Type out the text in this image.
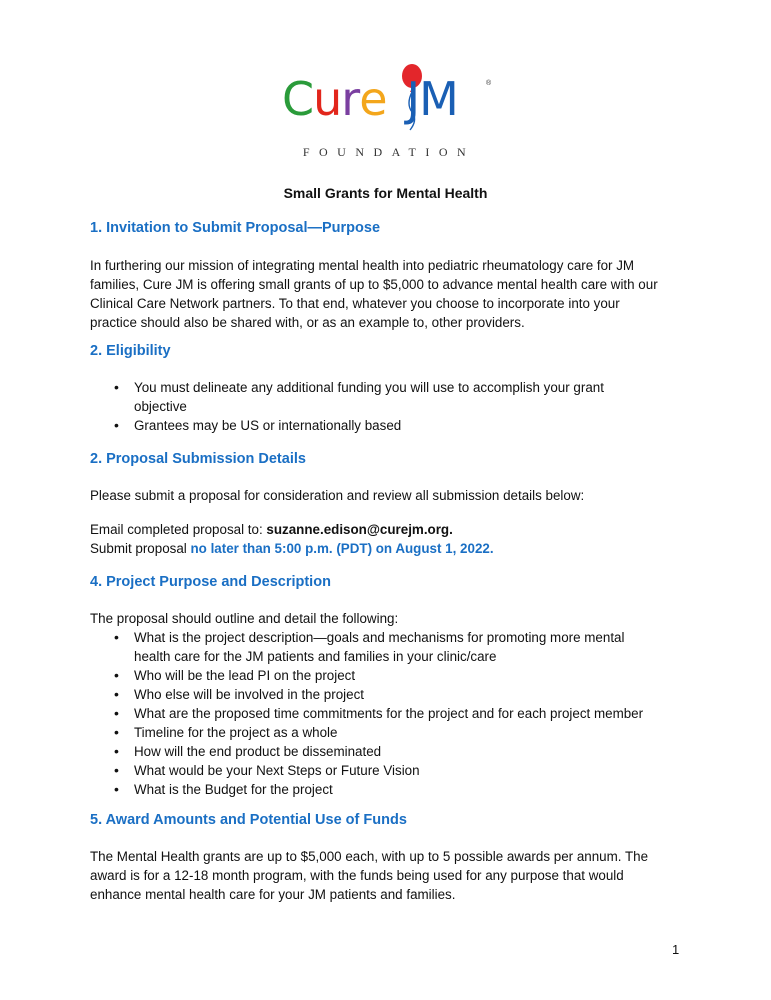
Cure JM	®
FOUNDATION
Small Grants for Mental Health
1. Invitation to Submit Proposal—Purpose
In furthering our mission of integrating mental health into pediatric rheumatology care for JM
families, Cure JM is offering small grants of up to $5,000 to advance mental health care with our
Clinical Care Network partners. To that end, whatever you choose to incorporate into your
practice should also be shared with, or as an example to, other providers.
2. Eligibility
• You must delineate any additional funding you will use to accomplish your grant
objective
• Grantees may be US or internationally based
2. Proposal Submission Details
Please submit a proposal for consideration and review all submission details below:
Email completed proposal to: suzanne.edison@curejm.org.
Submit proposal no later than 5:00 p.m. (PDT) on August 1, 2022.
4. Project Purpose and Description
The proposal should outline and detail the following:
• What is the project description—goals and mechanisms for promoting more mental
health care for the JM patients and families in your clinic/care
• Who will be the lead PI on the project
• Who else will be involved in the project
• What are the proposed time commitments for the project and for each project member
• Timeline for the project as a whole
• How will the end product be disseminated
• What would be your Next Steps or Future Vision
• What is the Budget for the project
5. Award Amounts and Potential Use of Funds
The Mental Health grants are up to $5,000 each, with up to 5 possible awards per annum. The
award is for a 12-18 month program, with the funds being used for any purpose that would
enhance mental health care for your JM patients and families.
1
